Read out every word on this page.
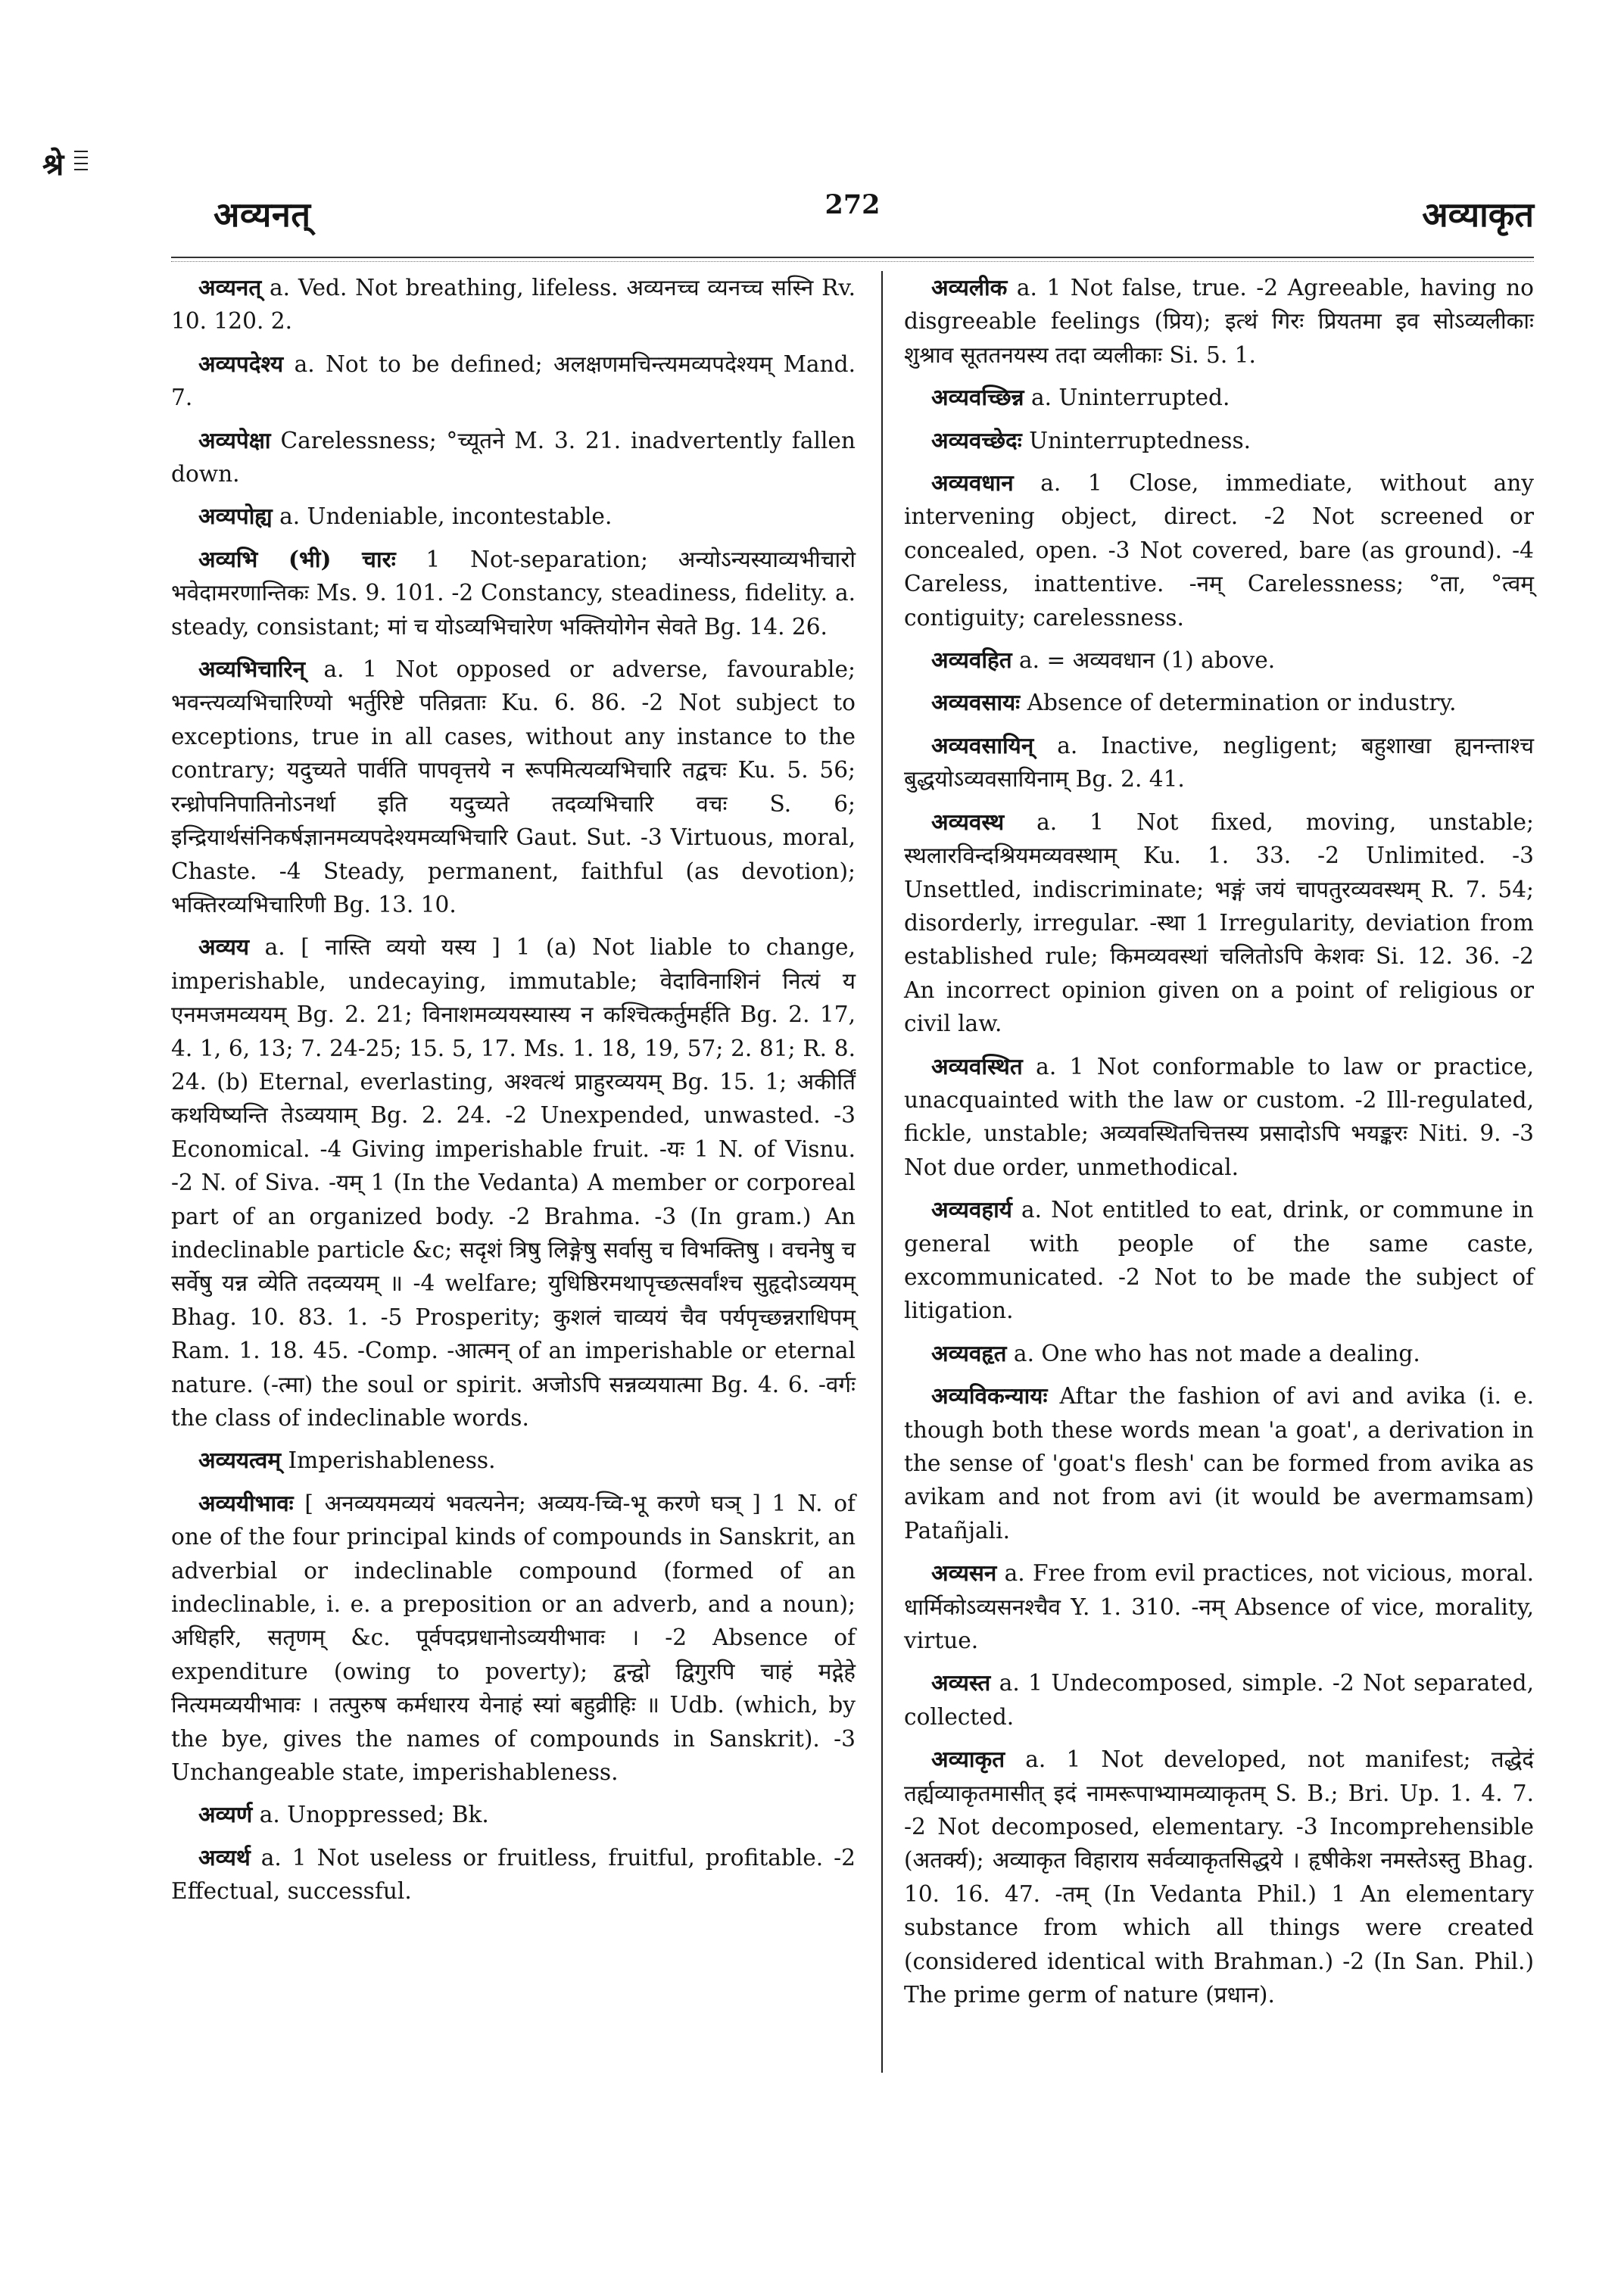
श्रे
अव्यनत्	272	अव्याकृत

अव्यनत् a. Ved. Not breathing, lifeless. अव्यनच्च व्यनच्च सस्नि Rv. 10. 120. 2.

अव्यपदेश्य a. Not to be defined; अलक्षणमचिन्त्यमव्यपदेश्यम् Mand. 7.

अव्यपेक्षा Carelessness; °च्यूतने M. 3. 21. inadvertently fallen down.

अव्यपोह्य a. Undeniable, incontestable.

अव्यभि (भी) चारः 1 Not-separation; अन्योऽन्यस्याव्यभीचारो भवेदामरणान्तिकः Ms. 9. 101. -2 Constancy, steadiness, fidelity. a. steady, consistant; मां च योऽव्यभिचारेण भक्तियोगेन सेवते Bg. 14. 26.

अव्यभिचारिन् a. 1 Not opposed or adverse, favourable; भवन्त्यव्यभिचारिण्यो भर्तुरिष्टे पतिव्रताः Ku. 6. 86. -2 Not subject to exceptions, true in all cases, without any instance to the contrary; यदुच्यते पार्वति पापवृत्तये न रूपमित्यव्यभिचारि तद्वचः Ku. 5. 56; रन्ध्रोपनिपातिनोऽनर्था इति यदुच्यते तदव्यभिचारि वचः S. 6; इन्द्रियार्थसंनिकर्षज्ञानमव्यपदेश्यमव्यभिचारि Gaut. Sut. -3 Virtuous, moral, Chaste. -4 Steady, permanent, faithful (as devotion); भक्तिरव्यभिचारिणी Bg. 13. 10.

अव्यय a. [ नास्ति व्ययो यस्य ] 1 (a) Not liable to change, imperishable, undecaying, immutable; वेदाविनाशिनं नित्यं य एनमजमव्ययम् Bg. 2. 21; विनाशमव्ययस्यास्य न कश्चित्कर्तुमर्हति Bg. 2. 17, 4. 1, 6, 13; 7. 24-25; 15. 5, 17. Ms. 1. 18, 19, 57; 2. 81; R. 8. 24. (b) Eternal, everlasting, अश्वत्थं प्राहुरव्ययम् Bg. 15. 1; अकीर्तिं कथयिष्यन्ति तेऽव्ययाम् Bg. 2. 24. -2 Unexpended, unwasted. -3 Economical. -4 Giving imperishable fruit. -यः 1 N. of Visnu. -2 N. of Siva. -यम् 1 (In the Vedanta) A member or corporeal part of an organized body. -2 Brahma. -3 (In gram.) An indeclinable particle &c; सदृशं त्रिषु लिङ्गेषु सर्वासु च विभक्तिषु । वचनेषु च सर्वेषु यन्न व्येति तदव्ययम् ॥ -4 welfare; युधिष्ठिरमथापृच्छत्सर्वांश्च सुहृदोऽव्ययम् Bhag. 10. 83. 1. -5 Prosperity; कुशलं चाव्ययं चैव पर्यपृच्छन्नराधिपम् Ram. 1. 18. 45. -Comp. -आत्मन् of an imperishable or eternal nature. (-त्मा) the soul or spirit. अजोऽपि सन्नव्ययात्मा Bg. 4. 6. -वर्गः the class of indeclinable words.

अव्ययत्वम् Imperishableness.

अव्ययीभावः [ अनव्ययमव्ययं भवत्यनेन; अव्यय-च्वि-भू करणे घञ् ] 1 N. of one of the four principal kinds of compounds in Sanskrit, an adverbial or indeclinable compound (formed of an indeclinable, i. e. a preposition or an adverb, and a noun); अधिहरि, सतृणम् &c. पूर्वपदप्रधानोऽव्ययीभावः । -2 Absence of expenditure (owing to poverty); द्वन्द्वो द्विगुरपि चाहं मद्गेहे नित्यमव्ययीभावः । तत्पुरुष कर्मधारय येनाहं स्यां बहुव्रीहिः ॥ Udb. (which, by the bye, gives the names of compounds in Sanskrit). -3 Unchangeable state, imperishableness.

अव्यर्ण a. Unoppressed; Bk.

अव्यर्थ a. 1 Not useless or fruitless, fruitful, profitable. -2 Effectual, successful.

अव्यलीक a. 1 Not false, true. -2 Agreeable, having no disgreeable feelings (प्रिय); इत्थं गिरः प्रियतमा इव सोऽव्यलीकाः शुश्राव सूततनयस्य तदा व्यलीकाः Si. 5. 1.

अव्यवच्छिन्न a. Uninterrupted.

अव्यवच्छेदः Uninterruptedness.

अव्यवधान a. 1 Close, immediate, without any intervening object, direct. -2 Not screened or concealed, open. -3 Not covered, bare (as ground). -4 Careless, inattentive. -नम् Carelessness; °ता, °त्वम् contiguity; carelessness.

अव्यवहित a. = अव्यवधान (1) above.

अव्यवसायः Absence of determination or industry.

अव्यवसायिन् a. Inactive, negligent; बहुशाखा ह्यनन्ताश्च बुद्धयोऽव्यवसायिनाम् Bg. 2. 41.

अव्यवस्थ a. 1 Not fixed, moving, unstable; स्थलारविन्दश्रियमव्यवस्थाम् Ku. 1. 33. -2 Unlimited. -3 Unsettled, indiscriminate; भङ्गं जयं चापतुरव्यवस्थम् R. 7. 54; disorderly, irregular. -स्था 1 Irregularity, deviation from established rule; किमव्यवस्थां चलितोऽपि केशवः Si. 12. 36. -2 An incorrect opinion given on a point of religious or civil law.

अव्यवस्थित a. 1 Not conformable to law or practice, unacquainted with the law or custom. -2 Ill-regulated, fickle, unstable; अव्यवस्थितचित्तस्य प्रसादोऽपि भयङ्करः Niti. 9. -3 Not due order, unmethodical.

अव्यवहार्य a. Not entitled to eat, drink, or commune in general with people of the same caste, excommunicated. -2 Not to be made the subject of litigation.

अव्यवहृत a. One who has not made a dealing.

अव्यविकन्यायः Aftar the fashion of avi and avika (i. e. though both these words mean 'a goat', a derivation in the sense of 'goat's flesh' can be formed from avika as avikam and not from avi (it would be avermamsam) Patañjali.

अव्यसन a. Free from evil practices, not vicious, moral. धार्मिकोऽव्यसनश्चैव Y. 1. 310. -नम् Absence of vice, morality, virtue.

अव्यस्त a. 1 Undecomposed, simple. -2 Not separated, collected.

अव्याकृत a. 1 Not developed, not manifest; तद्धेदं तर्ह्यव्याकृतमासीत् इदं नामरूपाभ्यामव्याकृतम् S. B.; Bri. Up. 1. 4. 7. -2 Not decomposed, elementary. -3 Incomprehensible (अतर्क्य); अव्याकृत विहाराय सर्वव्याकृतसिद्धये । हृषीकेश नमस्तेऽस्तु Bhag. 10. 16. 47. -तम् (In Vedanta Phil.) 1 An elementary substance from which all things were created (considered identical with Brahman.) -2 (In San. Phil.) The prime germ of nature (प्रधान).
